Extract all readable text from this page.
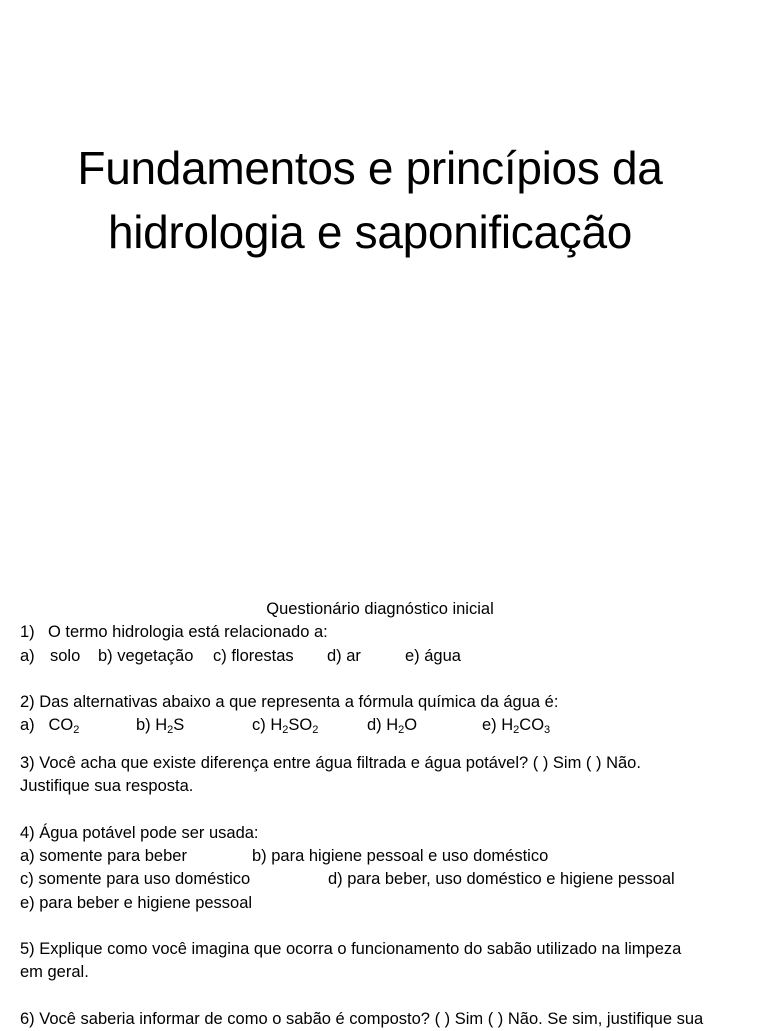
Fundamentos e princípios da
hidrologia e saponificação
Questionário diagnóstico inicial
1) O termo hidrologia está relacionado a:
a) solo b) vegetação c) florestas d) ar	e) água
2) Das alternativas abaixo a que representa a fórmula química da água é:
a) $CO_2$	b) $H_2S$	c) $H_2SO_2$	d) $H_2O$	e) $H_2CO_3$
3) Você acha que existe diferença entre água filtrada e água potável? ( ) Sim ( ) Não.
Justifique sua resposta.
4) Água potável pode ser usada:
a) somente para beber	b) para higiene pessoal e uso doméstico
c) somente para uso doméstico	d) para beber, uso doméstico e higiene pessoal
e) para beber e higiene pessoal
5) Explique como você imagina que ocorra o funcionamento do sabão utilizado na limpeza
em geral.
6) Você saberia informar de como o sabão é composto? ( ) Sim ( ) Não. Se sim, justifique sua
